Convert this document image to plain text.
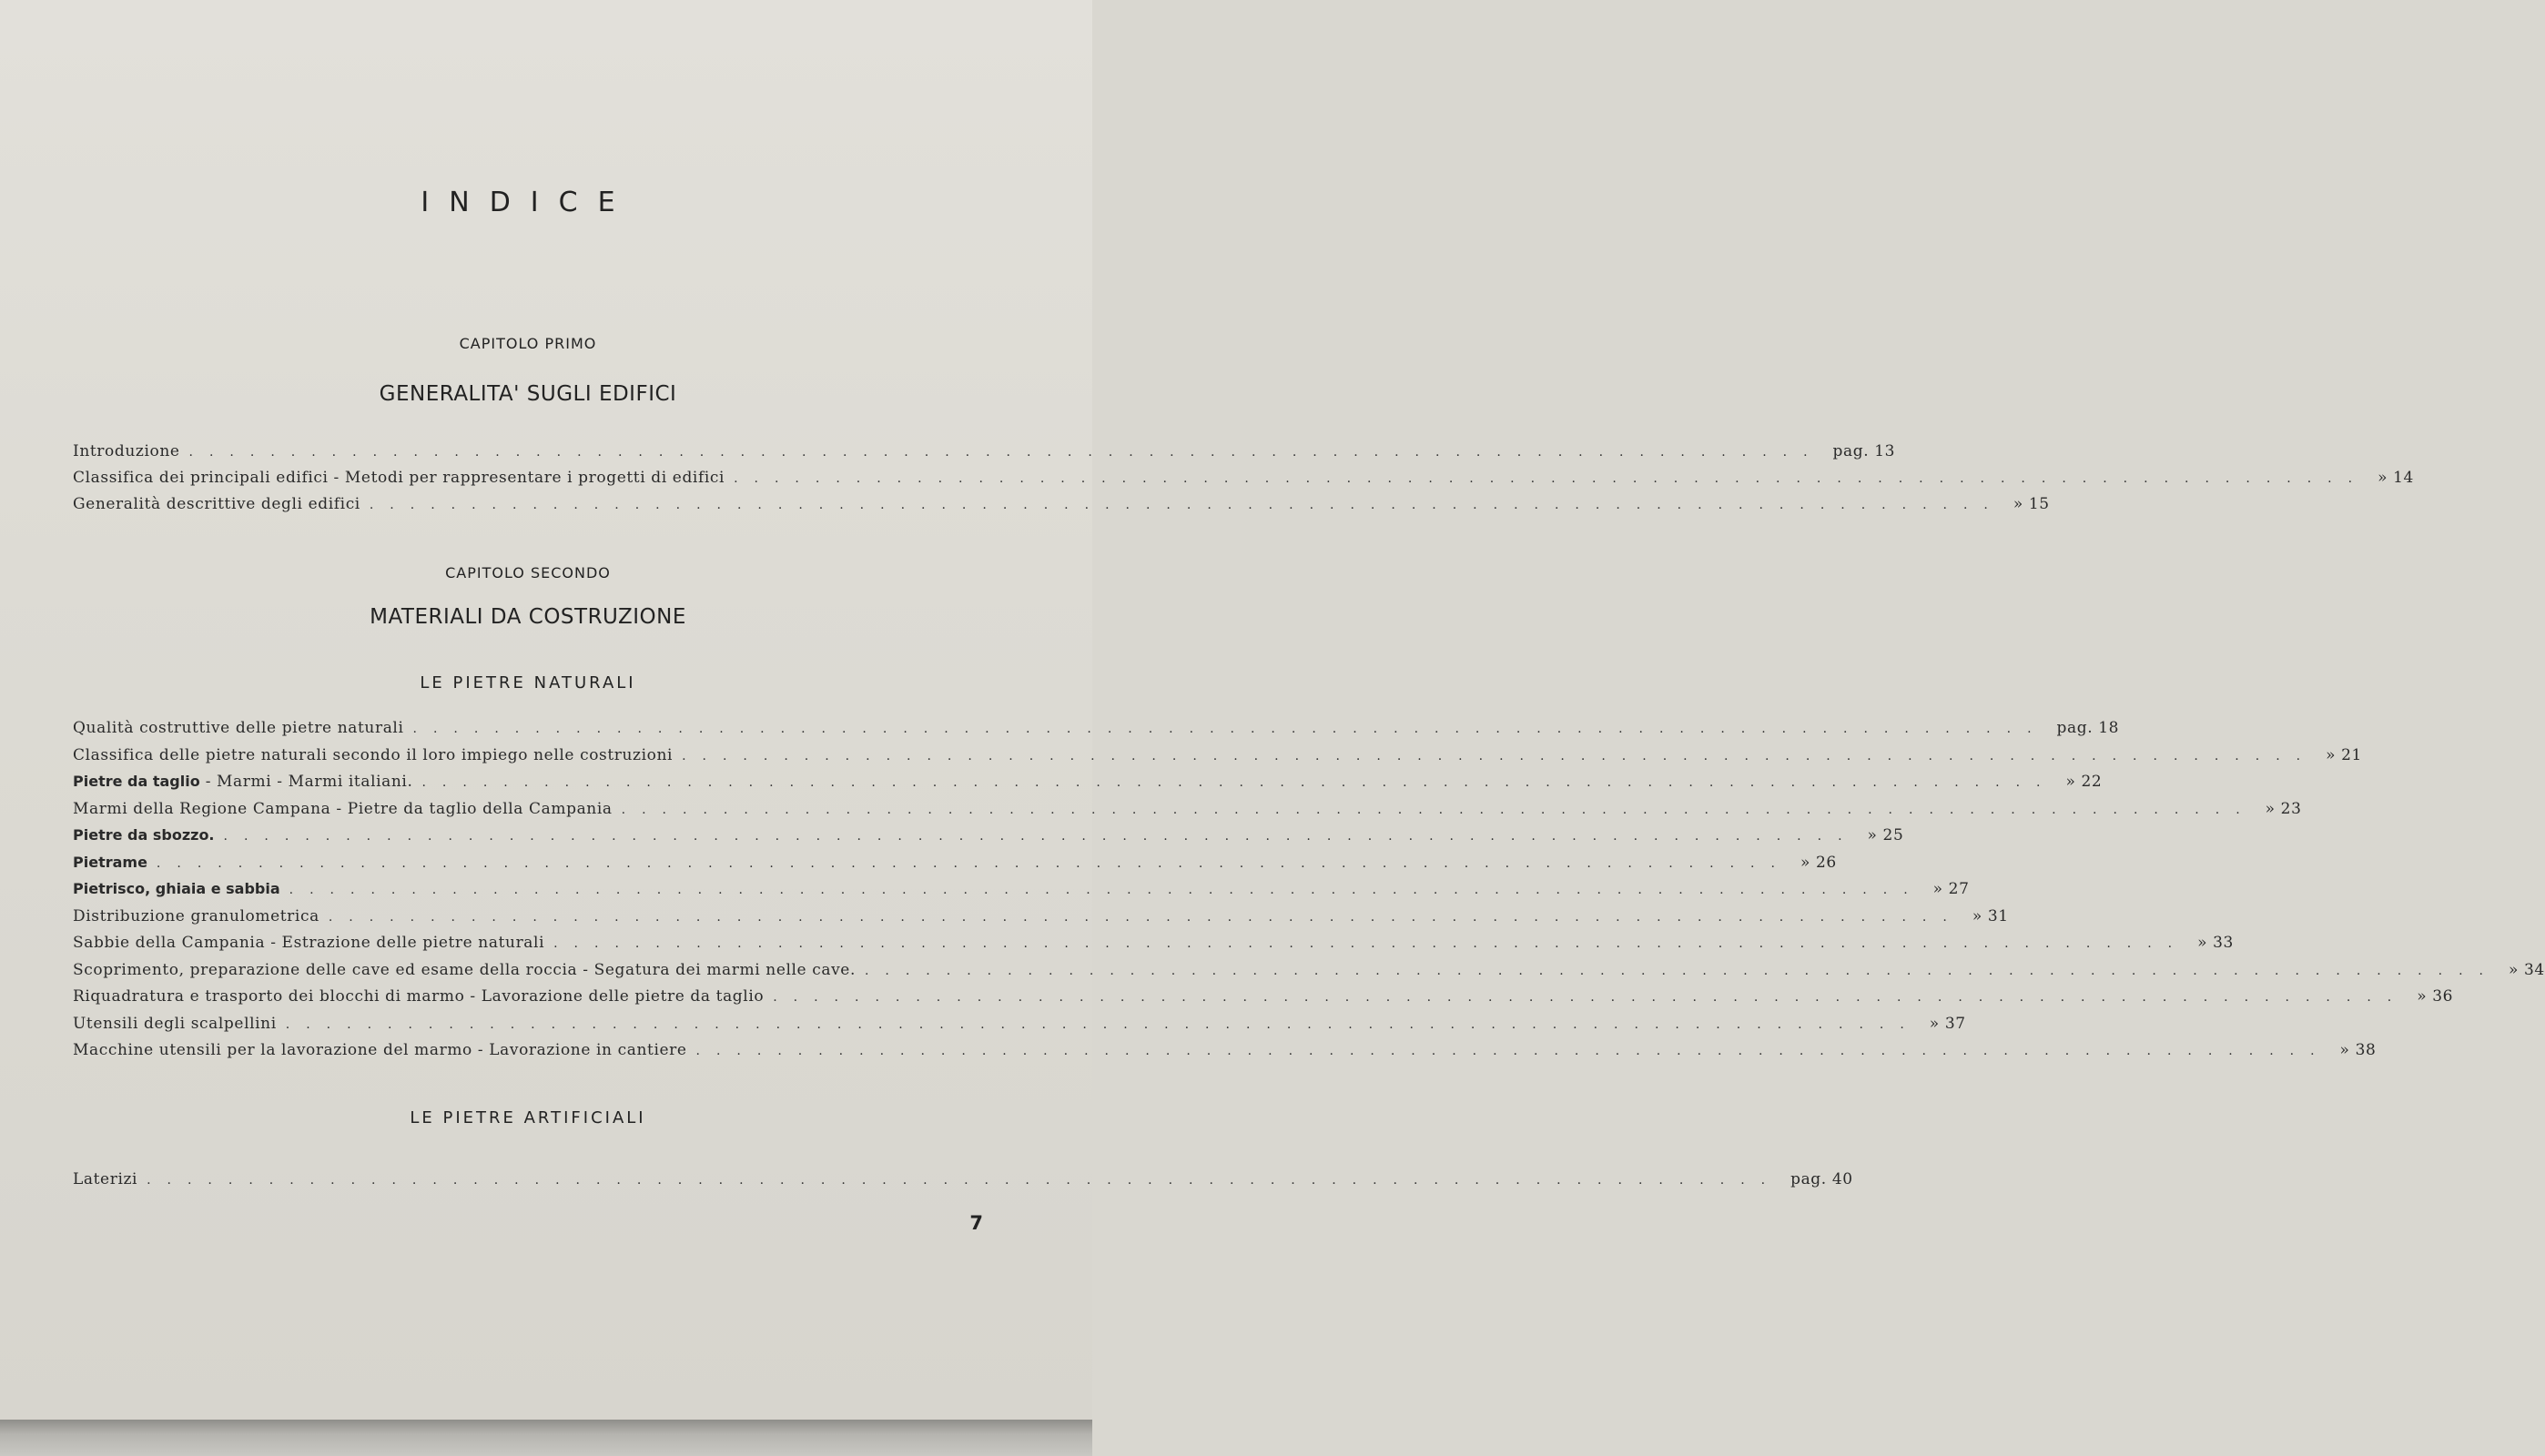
INDICE
CAPITOLO PRIMO
GENERALITA' SUGLI EDIFICI
Introduzione ................................................................................ pag. 13
Classifica dei principali edifici - Metodi per rappresentare i progetti di edifici ................................................................................ » 14
Generalità descrittive degli edifici ................................................................................ » 15
CAPITOLO SECONDO
MATERIALI DA COSTRUZIONE
LE PIETRE NATURALI
Qualità costruttive delle pietre naturali ................................................................................ pag. 18
Classifica delle pietre naturali secondo il loro impiego nelle costruzioni ................................................................................ » 21
Pietre da taglio - Marmi - Marmi italiani. ................................................................................ » 22
Marmi della Regione Campana - Pietre da taglio della Campania ................................................................................ » 23
Pietre da sbozzo. ................................................................................ » 25
Pietrame ................................................................................ » 26
Pietrisco, ghiaia e sabbia ................................................................................ » 27
Distribuzione granulometrica ................................................................................ » 31
Sabbie della Campania - Estrazione delle pietre naturali ................................................................................ » 33
Scoprimento, preparazione delle cave ed esame della roccia - Segatura dei marmi nelle cave. ................................................................................ » 34
Riquadratura e trasporto dei blocchi di marmo - Lavorazione delle pietre da taglio ................................................................................ » 36
Utensili degli scalpellini ................................................................................ » 37
Macchine utensili per la lavorazione del marmo - Lavorazione in cantiere ................................................................................ » 38
LE PIETRE ARTIFICIALI
Laterizi ................................................................................ pag. 40
7
